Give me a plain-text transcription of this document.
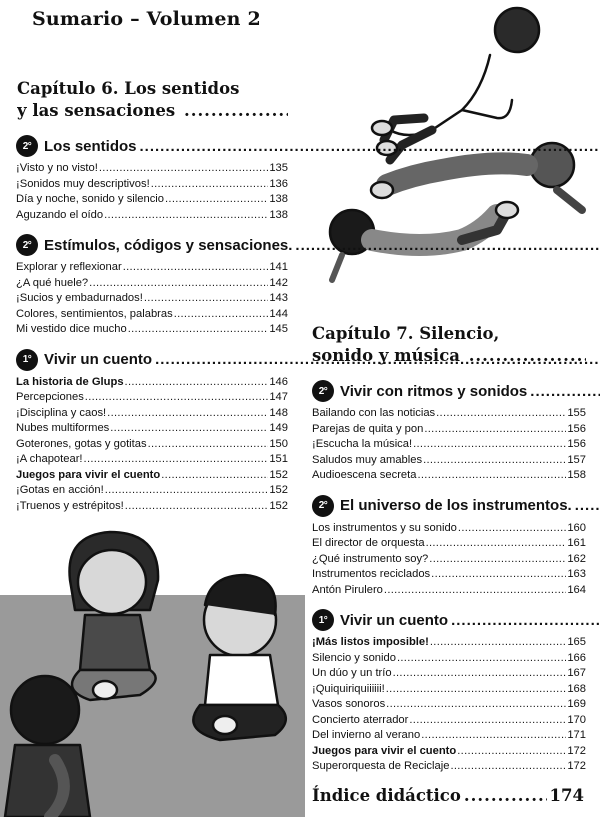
Sumario – Volumen 2
Capítulo 6. Los sentidos
y las sensaciones .....
2° Los sentidos
.....
¡Visto y no visto! .....	135
¡Sonidos muy descriptivos! .....	136
Día y noche, sonido y silencio .....	138
Aguzando el oído .....	138
2° Estímulos, códigos y sensaciones.
.....
Explorar y reflexionar .....	141
¿A qué huele? .....	142
¡Sucios y embadurnados! .....	143
Colores, sentimientos, palabras .....	144
Mi vestido dice mucho .....	145
1° Vivir un cuento
.....
La historia de Glups .....	146
Percepciones .....	147
¡Disciplina y caos! .....	148
Nubes multiformes .....	149
Goterones, gotas y gotitas .....	150
¡A chapotear! .....	151
Juegos para vivir el cuento .....	152
¡Gotas en acción! .....	152
¡Truenos y estrépitos! .....	152
Capítulo 7. Silencio,
sonido y música .....
2° Vivir con ritmos y sonidos
.....
Bailando con las noticias .....	155
Parejas de quita y pon .....	156
¡Escucha la música! .....	156
Saludos muy amables .....	157
Audioescena secreta .....	158
2° El universo de los instrumentos.
.....
Los instrumentos y su sonido .....	160
El director de orquesta .....	161
¿Qué instrumento soy? .....	162
Instrumentos reciclados .....	163
Antón Pirulero .....	164
1° Vivir un cuento
.....
¡Más listos imposible! .....	165
Silencio y sonido .....	166
Un dúo y un trío .....	167
¡Quiquiriquiiiiii! .....	168
Vasos sonoros .....	169
Concierto aterrador .....	170
Del invierno al verano .....	171
Juegos para vivir el cuento .....	172
Superorquesta de Reciclaje .....	172
Índice didáctico .....	174
